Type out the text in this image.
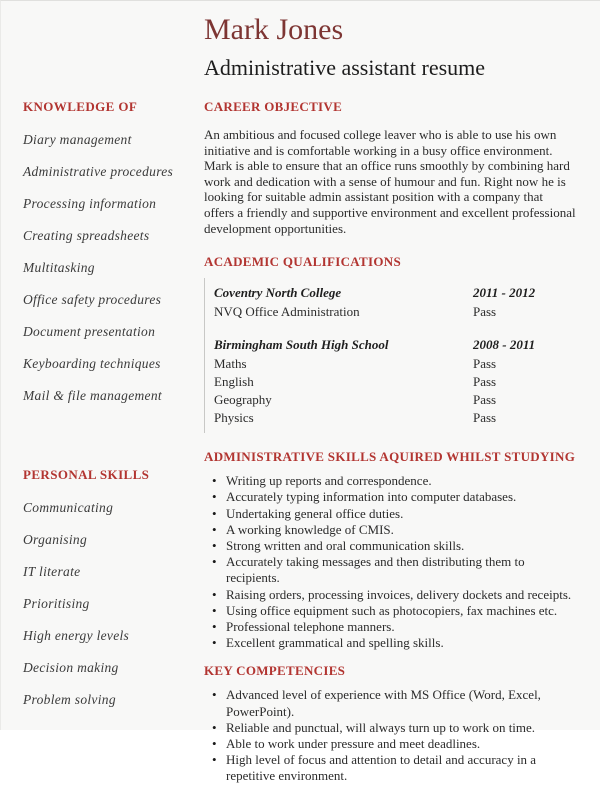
Mark Jones
Administrative assistant resume
KNOWLEDGE OF
Diary management
Administrative procedures
Processing information
Creating spreadsheets
Multitasking
Office safety procedures
Document presentation
Keyboarding techniques
Mail & file management
PERSONAL SKILLS
Communicating
Organising
IT literate
Prioritising
High energy levels
Decision making
Problem solving
CAREER OBJECTIVE

An ambitious and focused college leaver who is able to use his own initiative and is comfortable working in a busy office environment. Mark is able to ensure that an office runs smoothly by combining hard work and dedication with a sense of humour and fun. Right now he is looking for suitable admin assistant position with a company that offers a friendly and supportive environment and excellent professional development opportunities.

ACADEMIC QUALIFICATIONS
Coventry North College	2011 - 2012
NVQ Office Administration	Pass
Birmingham South High School	2008 - 2011
Maths	Pass
English	Pass
Geography	Pass
Physics	Pass
ADMINISTRATIVE SKILLS AQUIRED WHILST STUDYING
• Writing up reports and correspondence.
• Accurately typing information into computer databases.
• Undertaking general office duties.
• A working knowledge of CMIS.
• Strong written and oral communication skills.
• Accurately taking messages and then distributing them to recipients.
• Raising orders, processing invoices, delivery dockets and receipts.
• Using office equipment such as photocopiers, fax machines etc.
• Professional telephone manners.
• Excellent grammatical and spelling skills.
KEY COMPETENCIES
• Advanced level of experience with MS Office (Word, Excel, PowerPoint).
• Reliable and punctual, will always turn up to work on time.
• Able to work under pressure and meet deadlines.
• High level of focus and attention to detail and accuracy in a repetitive environment.
